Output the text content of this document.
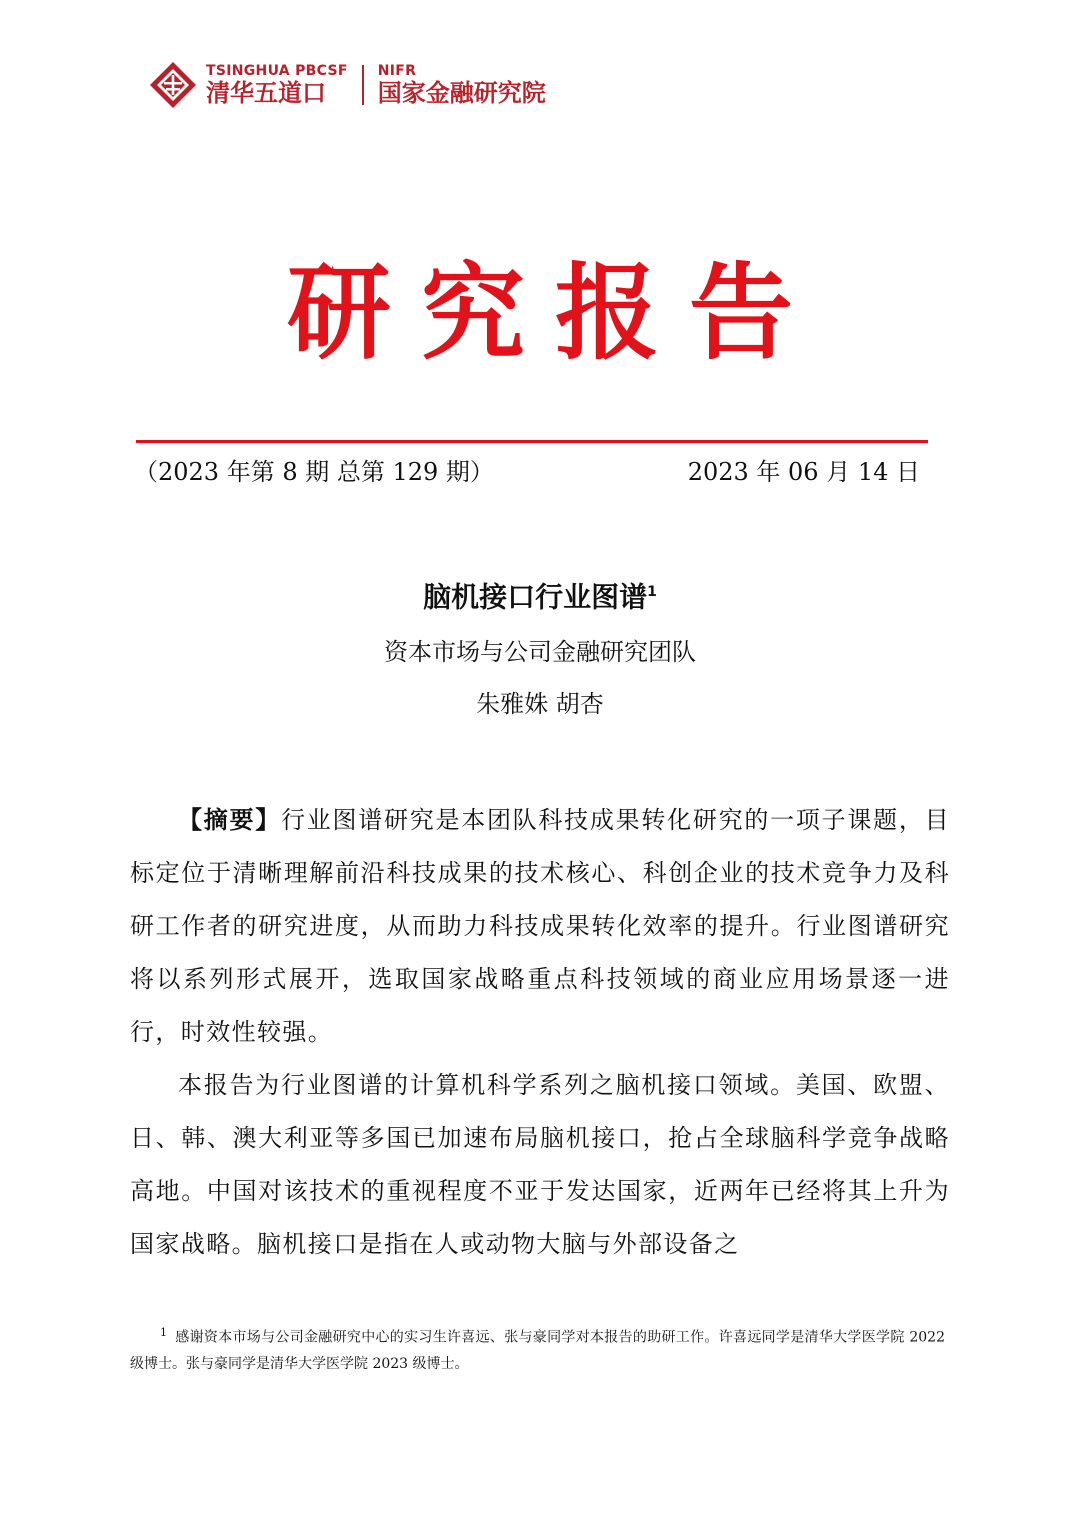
TSINGHUA PBCSF
清华五道口
NIFR
国家金融研究院
研究报告
（2023 年第 8 期 总第 129 期）	2023 年 06 月 14 日
脑机接口行业图谱$^1$
资本市场与公司金融研究团队
朱雅姝 胡杏

【摘要】行业图谱研究是本团队科技成果转化研究的一项子课题，目标定位于清晰理解前沿科技成果的技术核心、科创企业的技术竞争力及科研工作者的研究进度，从而助力科技成果转化效率的提升。行业图谱研究将以系列形式展开，选取国家战略重点科技领域的商业应用场景逐一进行，时效性较强。

本报告为行业图谱的计算机科学系列之脑机接口领域。美国、欧盟、日、韩、澳大利亚等多国已加速布局脑机接口，抢占全球脑科学竞争战略高地。中国对该技术的重视程度不亚于发达国家，近两年已经将其上升为国家战略。脑机接口是指在人或动物大脑与外部设备之

$^1$ 感谢资本市场与公司金融研究中心的实习生许喜远、张与豪同学对本报告的助研工作。许喜远同学是清华大学医学院 2022 级博士。张与豪同学是清华大学医学院 2023 级博士。
